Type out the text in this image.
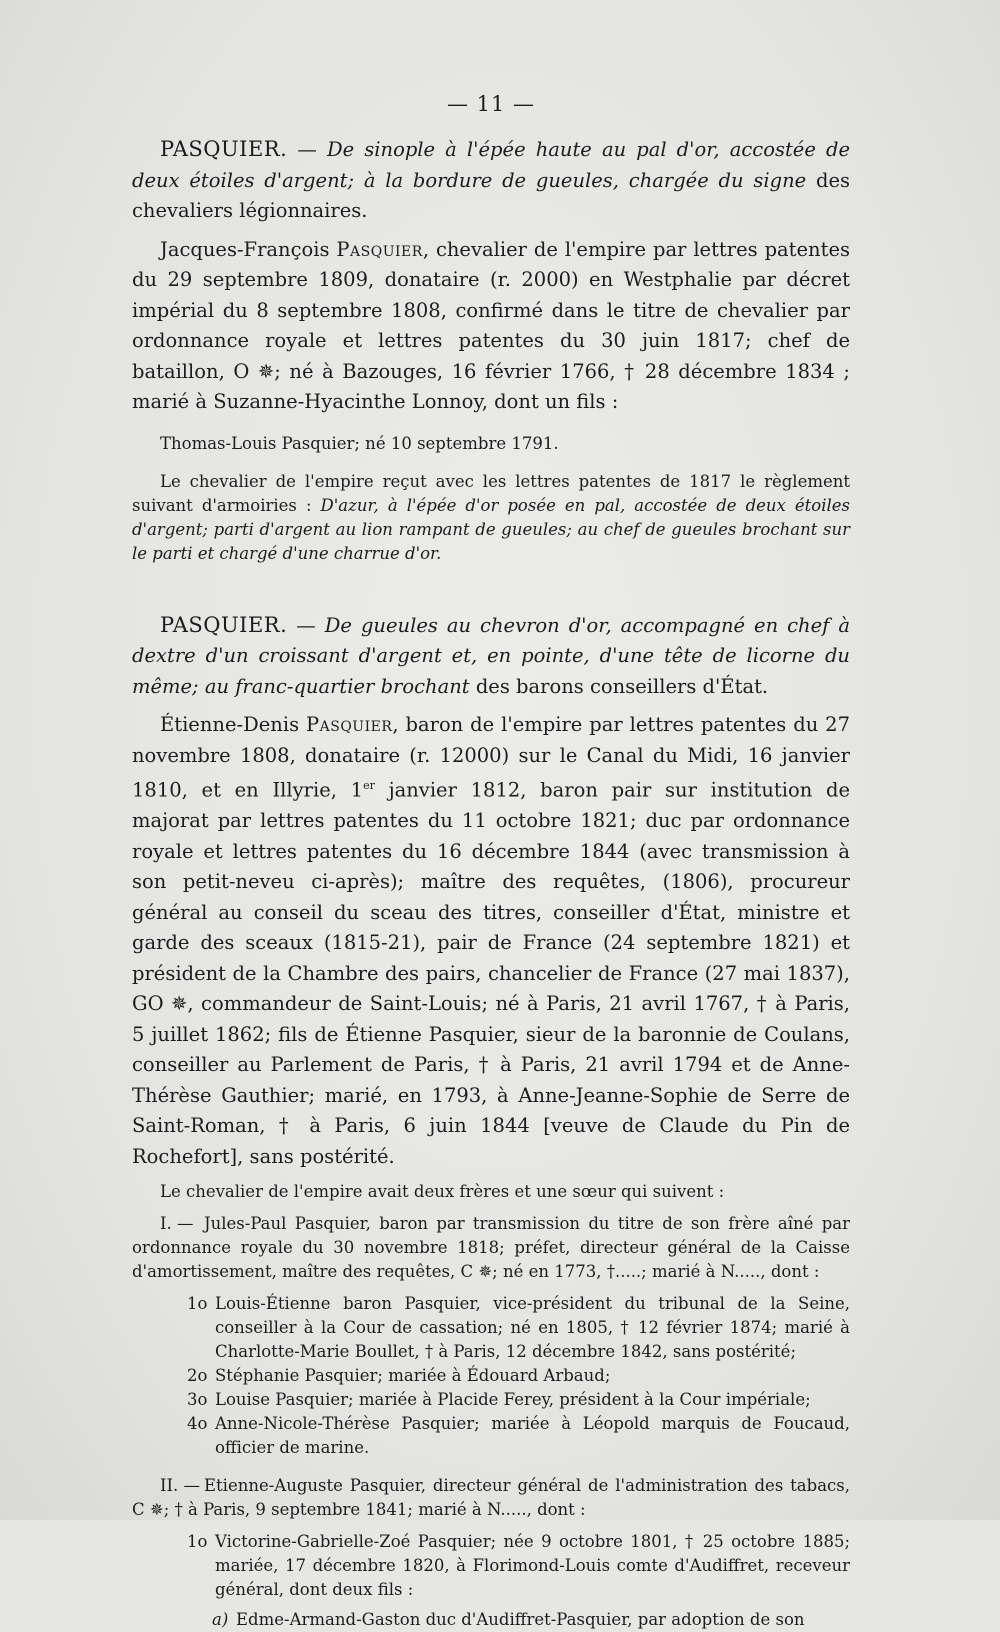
— 11 —

PASQUIER. — De sinople à l'épée haute au pal d'or, accostée de deux étoiles d'argent; à la bordure de gueules, chargée du signe des chevaliers légionnaires.

Jacques-François Pasquier, chevalier de l'empire par lettres patentes du 29 septembre 1809, donataire (r. 2000) en Westphalie par décret impérial du 8 septembre 1808, confirmé dans le titre de chevalier par ordonnance royale et lettres patentes du 30 juin 1817; chef de bataillon, O ✵; né à Bazouges, 16 février 1766, † 28 décembre 1834 ; marié à Suzanne-Hyacinthe Lonnoy, dont un fils :

Thomas-Louis Pasquier; né 10 septembre 1791.

Le chevalier de l'empire reçut avec les lettres patentes de 1817 le règlement suivant d'armoiries : D'azur, à l'épée d'or posée en pal, accostée de deux étoiles d'argent; parti d'argent au lion rampant de gueules; au chef de gueules brochant sur le parti et chargé d'une charrue d'or.

PASQUIER. — De gueules au chevron d'or, accompagné en chef à dextre d'un croissant d'argent et, en pointe, d'une tête de licorne du même; au franc-quartier brochant des barons conseillers d'État.

Étienne-Denis Pasquier, baron de l'empire par lettres patentes du 27 novembre 1808, donataire (r. 12000) sur le Canal du Midi, 16 janvier 1810, et en Illyrie, 1er janvier 1812, baron pair sur institution de majorat par lettres patentes du 11 octobre 1821; duc par ordonnance royale et lettres patentes du 16 décembre 1844 (avec transmission à son petit-neveu ci-après); maître des requêtes, (1806), procureur général au conseil du sceau des titres, conseiller d'État, ministre et garde des sceaux (1815-21), pair de France (24 septembre 1821) et président de la Chambre des pairs, chancelier de France (27 mai 1837), GO ✵, commandeur de Saint-Louis; né à Paris, 21 avril 1767, † à Paris, 5 juillet 1862; fils de Étienne Pasquier, sieur de la baronnie de Coulans, conseiller au Parlement de Paris, † à Paris, 21 avril 1794 et de Anne-Thérèse Gauthier; marié, en 1793, à Anne-Jeanne-Sophie de Serre de Saint-Roman, † à Paris, 6 juin 1844 [veuve de Claude du Pin de Rochefort], sans postérité.

Le chevalier de l'empire avait deux frères et une sœur qui suivent :

I. — Jules-Paul Pasquier, baron par transmission du titre de son frère aîné par ordonnance royale du 30 novembre 1818; préfet, directeur général de la Caisse d'amortissement, maître des requêtes, C ✵; né en 1773, †.....; marié à N....., dont :

1o Louis-Étienne baron Pasquier, vice-président du tribunal de la Seine, conseiller à la Cour de cassation; né en 1805, † 12 février 1874; marié à Charlotte-Marie Boullet, † à Paris, 12 décembre 1842, sans postérité;
2o Stéphanie Pasquier; mariée à Édouard Arbaud;
3o Louise Pasquier; mariée à Placide Ferey, président à la Cour impériale;
4o Anne-Nicole-Thérèse Pasquier; mariée à Léopold marquis de Foucaud, officier de marine.

II. — Etienne-Auguste Pasquier, directeur général de l'administration des tabacs, C ✵; † à Paris, 9 septembre 1841; marié à N....., dont :

1o Victorine-Gabrielle-Zoé Pasquier; née 9 octobre 1801, † 25 octobre 1885; mariée, 17 décembre 1820, à Florimond-Louis comte d'Audiffret, receveur général, dont deux fils :
a) Edme-Armand-Gaston duc d'Audiffret-Pasquier, par adoption de son
